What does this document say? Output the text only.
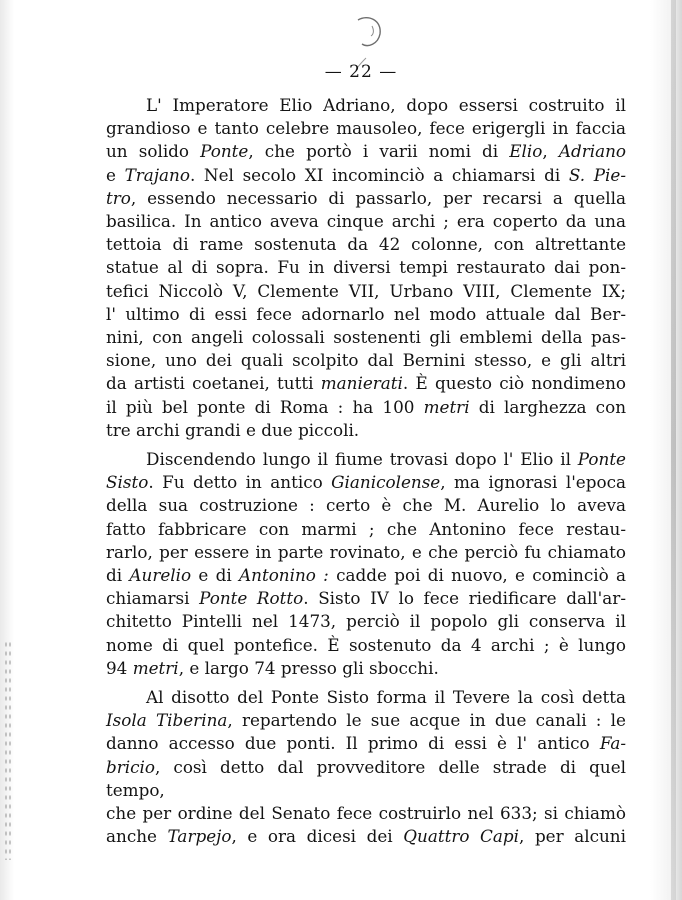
— 22 —
L' Imperatore Elio Adriano, dopo essersi costruito il
grandioso e tanto celebre mausoleo, fece erigergli in faccia
un solido Ponte, che portò i varii nomi di Elio, Adriano
e Trajano. Nel secolo XI incominciò a chiamarsi di S. Pie-
tro, essendo necessario di passarlo, per recarsi a quella
basilica. In antico aveva cinque archi ; era coperto da una
tettoia di rame sostenuta da 42 colonne, con altrettante
statue al di sopra. Fu in diversi tempi restaurato dai pon-
tefici Niccolò V, Clemente VII, Urbano VIII, Clemente IX;
l' ultimo di essi fece adornarlo nel modo attuale dal Ber-
nini, con angeli colossali sostenenti gli emblemi della pas-
sione, uno dei quali scolpito dal Bernini stesso, e gli altri
da artisti coetanei, tutti manierati. È questo ciò nondimeno
il più bel ponte di Roma : ha 100 metri di larghezza con
tre archi grandi e due piccoli.
Discendendo lungo il fiume trovasi dopo l' Elio il Ponte
Sisto. Fu detto in antico Gianicolense, ma ignorasi l'epoca
della sua costruzione : certo è che M. Aurelio lo aveva
fatto fabbricare con marmi ; che Antonino fece restau-
rarlo, per essere in parte rovinato, e che perciò fu chiamato
di Aurelio e di Antonino : cadde poi di nuovo, e cominciò a
chiamarsi Ponte Rotto. Sisto IV lo fece riedificare dall'ar-
chitetto Pintelli nel 1473, perciò il popolo gli conserva il
nome di quel pontefice. È sostenuto da 4 archi ; è lungo
94 metri, e largo 74 presso gli sbocchi.
Al disotto del Ponte Sisto forma il Tevere la così detta
Isola Tiberina, repartendo le sue acque in due canali : le
danno accesso due ponti. Il primo di essi è l' antico Fa-
bricio, così detto dal provveditore delle strade di quel tempo,
che per ordine del Senato fece costruirlo nel 633; si chiamò
anche Tarpejo, e ora dicesi dei Quattro Capi, per alcuni
